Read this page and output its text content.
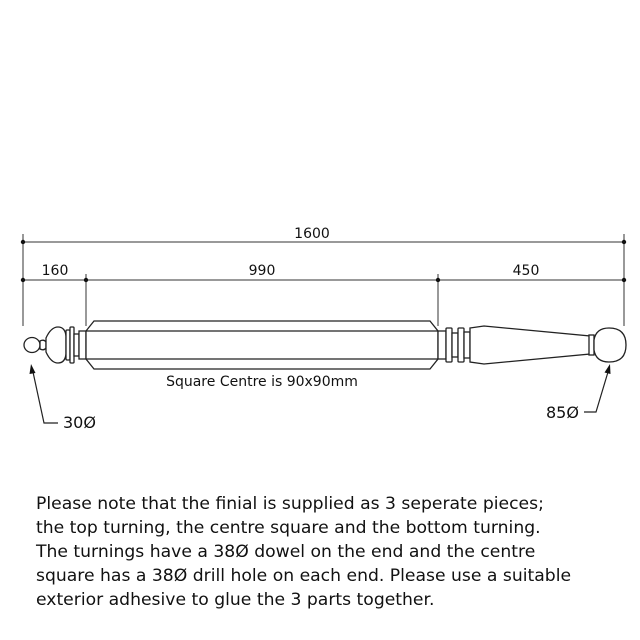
1600
160	990	450
Square Centre is 90x90mm
30Ø
85Ø

Please note that the finial is supplied as 3 seperate pieces;
the top turning, the centre square and the bottom turning.
The turnings have a 38Ø dowel on the end and the centre
square has a 38Ø drill hole on each end. Please use a suitable
exterior adhesive to glue the 3 parts together.
